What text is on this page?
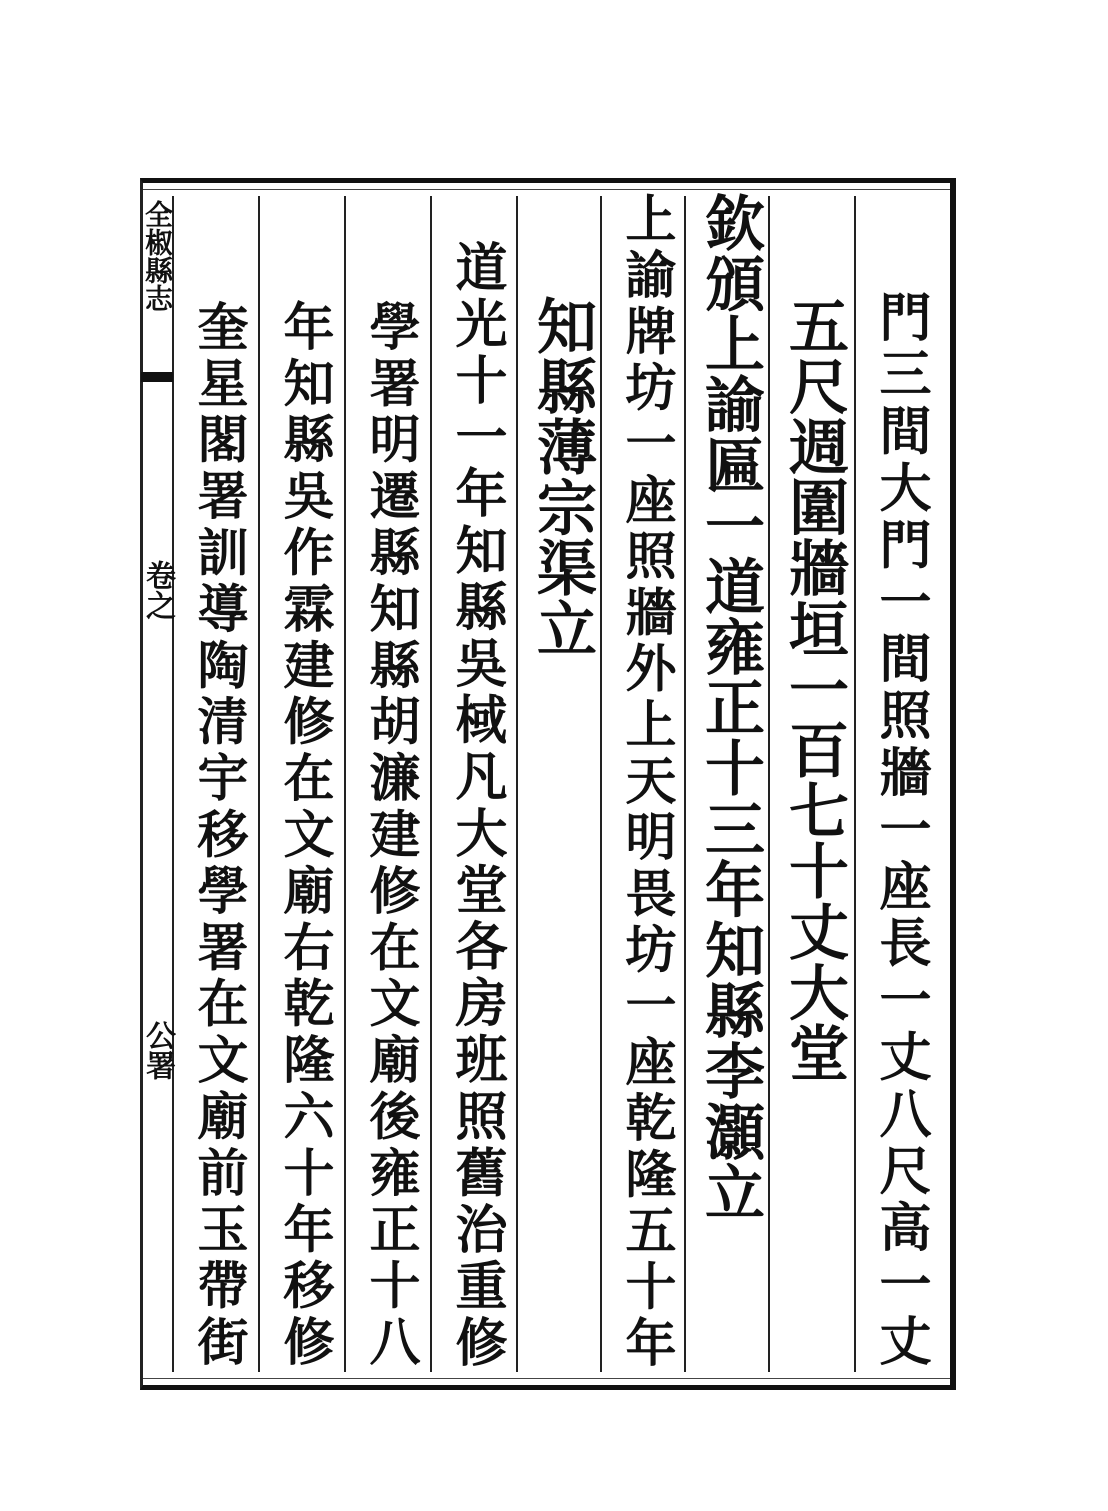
全椒縣志
卷之
公署	門三間大門一間照牆一座長一丈八尺高一丈
五尺週圍牆垣一百七十丈大堂
欽頒上諭匾一道雍正十三年知縣李灝立
上諭牌坊一座照牆外上天明畏坊一座乾隆五十年
知縣薄宗渠立
道光十一年知縣吳棫凡大堂各房班照舊治重修
學署明遷縣知縣胡濂建修在文廟後雍正十八
年知縣吳作霖建修在文廟右乾隆六十年移修
奎星閣署訓導陶清宇移學署在文廟前玉帶街
